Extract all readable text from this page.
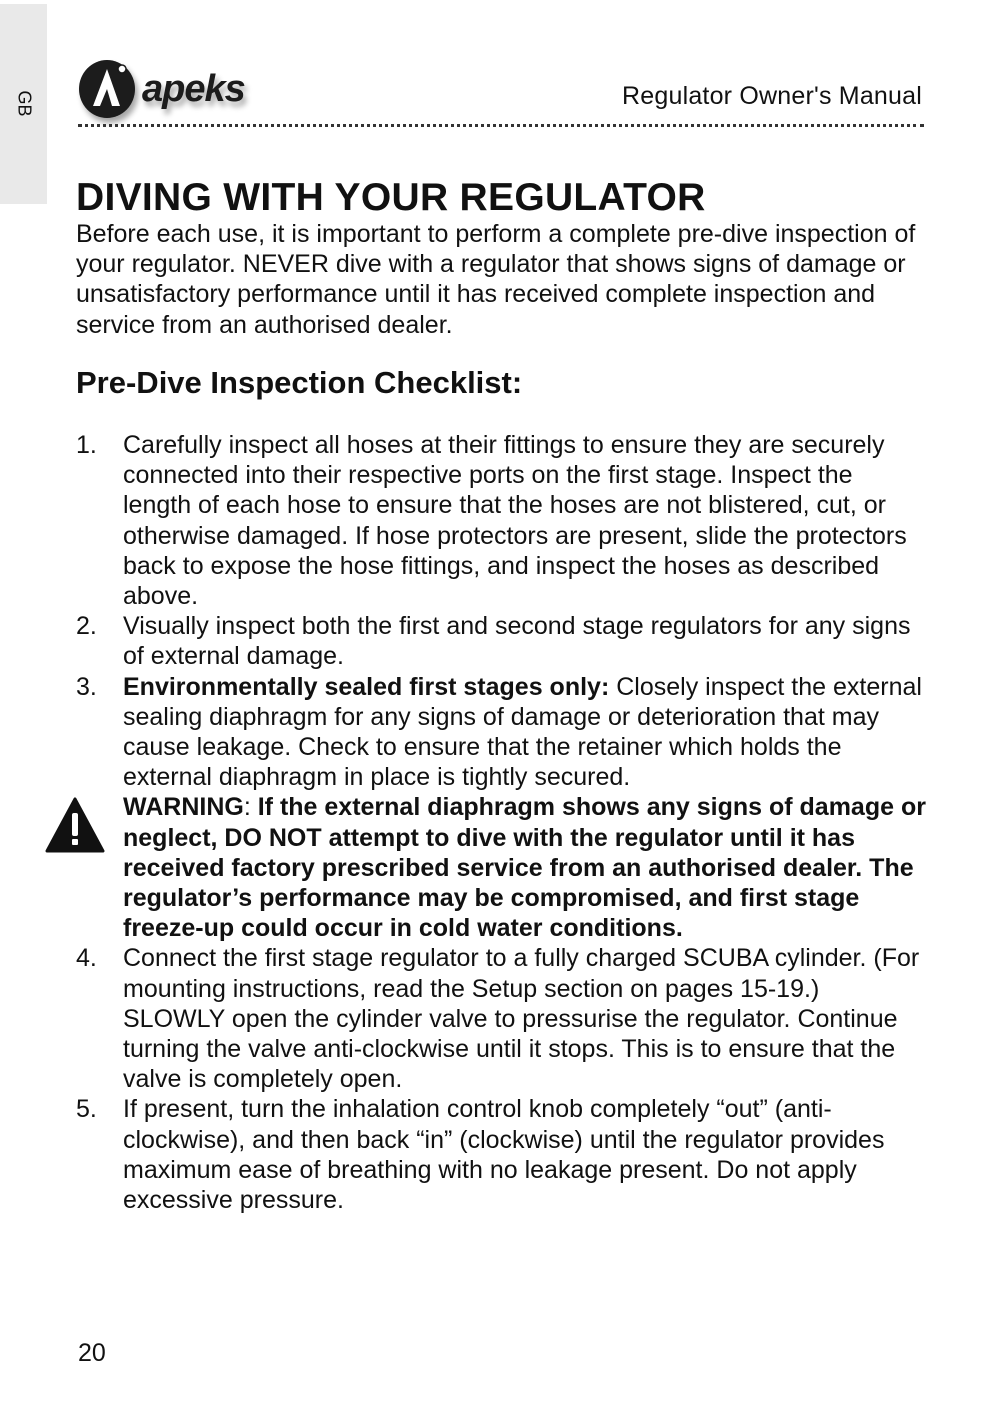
GB	apeks	Regulator Owner's Manual
DIVING WITH YOUR REGULATOR

Before each use, it is important to perform a complete pre-dive inspection of your regulator. NEVER dive with a regulator that shows signs of damage or unsatisfactory performance until it has received complete inspection and service from an authorised dealer.

Pre-Dive Inspection Checklist:
1. Carefully inspect all hoses at their fittings to ensure they are securely connected into their respective ports on the first stage. Inspect the length of each hose to ensure that the hoses are not blistered, cut, or otherwise damaged. If hose protectors are present, slide the protectors back to expose the hose fittings, and inspect the hoses as described above.
2. Visually inspect both the first and second stage regulators for any signs of external damage.
3. Environmentally sealed first stages only: Closely inspect the external sealing diaphragm for any signs of damage or deterioration that may cause leakage. Check to ensure that the retainer which holds the external diaphragm in place is tightly secured.
WARNING: If the external diaphragm shows any signs of damage or neglect, DO NOT attempt to dive with the regulator until it has received factory prescribed service from an authorised dealer. The regulator’s performance may be compromised, and first stage freeze-up could occur in cold water conditions.
4. Connect the first stage regulator to a fully charged SCUBA cylinder. (For mounting instructions, read the Setup section on pages 15-19.) SLOWLY open the cylinder valve to pressurise the regulator. Continue turning the valve anti-clockwise until it stops. This is to ensure that the valve is completely open.
5. If present, turn the inhalation control knob completely “out” (anti-clockwise), and then back “in” (clockwise) until the regulator provides maximum ease of breathing with no leakage present. Do not apply excessive pressure.
20
